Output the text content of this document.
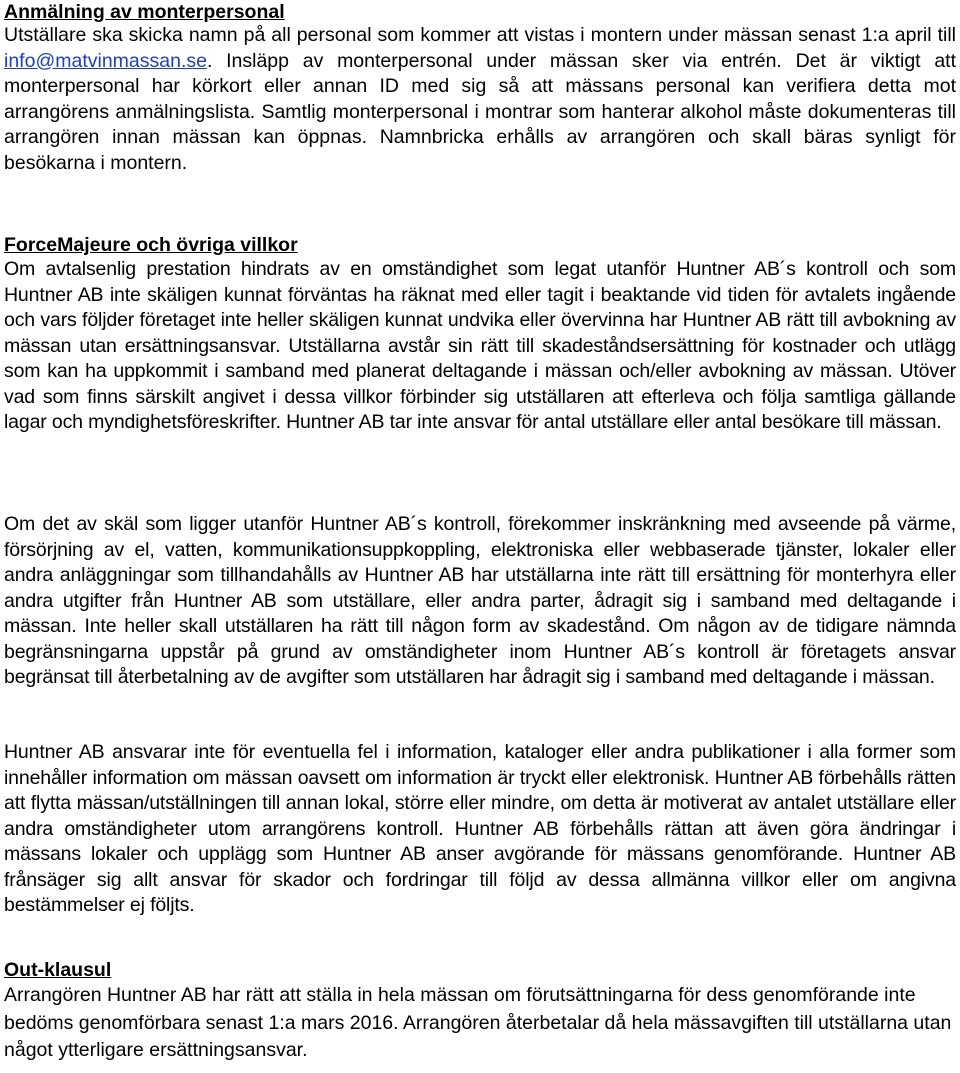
Anmälning av monterpersonal

Utställare ska skicka namn på all personal som kommer att vistas i montern under mässan senast 1:a april till info@matvinmassan.se. Insläpp av monterpersonal under mässan sker via entrén. Det är viktigt att monterpersonal har körkort eller annan ID med sig så att mässans personal kan verifiera detta mot arrangörens anmälningslista. Samtlig monterpersonal i montrar som hanterar alkohol måste dokumenteras till arrangören innan mässan kan öppnas. Namnbricka erhålls av arrangören och skall bäras synligt för besökarna i montern.

ForceMajeure och övriga villkor

Om avtalsenlig prestation hindrats av en omständighet som legat utanför Huntner AB´s kontroll och som Huntner AB inte skäligen kunnat förväntas ha räknat med eller tagit i beaktande vid tiden för avtalets ingående och vars följder företaget inte heller skäligen kunnat undvika eller övervinna har Huntner AB rätt till avbokning av mässan utan ersättningsansvar. Utställarna avstår sin rätt till skadeståndsersättning för kostnader och utlägg som kan ha uppkommit i samband med planerat deltagande i mässan och/eller avbokning av mässan. Utöver vad som finns särskilt angivet i dessa villkor förbinder sig utställaren att efterleva och följa samtliga gällande lagar och myndighetsföreskrifter. Huntner AB tar inte ansvar för antal utställare eller antal besökare till mässan.

Om det av skäl som ligger utanför Huntner AB´s kontroll, förekommer inskränkning med avseende på värme, försörjning av el, vatten, kommunikationsuppkoppling, elektroniska eller webbaserade tjänster, lokaler eller andra anläggningar som tillhandahålls av Huntner AB har utställarna inte rätt till ersättning för monterhyra eller andra utgifter från Huntner AB som utställare, eller andra parter, ådragit sig i samband med deltagande i mässan. Inte heller skall utställaren ha rätt till någon form av skadestånd. Om någon av de tidigare nämnda begränsningarna uppstår på grund av omständigheter inom Huntner AB´s kontroll är företagets ansvar begränsat till återbetalning av de avgifter som utställaren har ådragit sig i samband med deltagande i mässan.

Huntner AB ansvarar inte för eventuella fel i information, kataloger eller andra publikationer i alla former som innehåller information om mässan oavsett om information är tryckt eller elektronisk. Huntner AB förbehålls rätten att flytta mässan/utställningen till annan lokal, större eller mindre, om detta är motiverat av antalet utställare eller andra omständigheter utom arrangörens kontroll. Huntner AB förbehålls rättan att även göra ändringar i mässans lokaler och upplägg som Huntner AB anser avgörande för mässans genomförande. Huntner AB frånsäger sig allt ansvar för skador och fordringar till följd av dessa allmänna villkor eller om angivna bestämmelser ej följts.

Out-klausul

Arrangören Huntner AB har rätt att ställa in hela mässan om förutsättningarna för dess genomförande inte bedöms genomförbara senast 1:a mars 2016. Arrangören återbetalar då hela mässavgiften till utställarna utan något ytterligare ersättningsansvar.
